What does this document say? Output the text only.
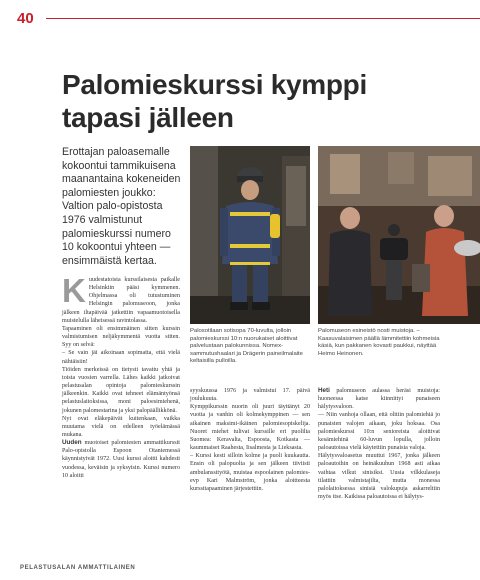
40
Palomieskurssi kymppi tapasi jälleen
Erottajan paloasemalle kokoontui tammikuisena maanantaina kokeneiden palomiesten joukko: Valtion palo-opistosta 1976 valmistunut palomieskurssi numero 10 kokoontui yhteen — ensimmäistä kertaa.

Kuudestatoista kurssilaisesta paikalle Helsinkiin pääsi kymmenen. Ohjelmassa oli tutustuminen Helsingin palomuseoon, jonka jälkeen iltapäivää jatkettiin vapaamuotoisella muistelulla läheisessä ravintolassa.

Tapaaminen oli ensimmäinen sitten kurssin valmistumisen neljäkymmentä vuotta sitten. Syy on selvä:

– Se vain jäi aikoinaan sopimatta, että vielä nähtäisiin!

Tiöiden merkeissä on tietysti tavattu yhtä ja toista vuosien varrella. Lähes kaikki jatkoivat pelastusalan opintoja palomieskurssin jälkeenkin. Kaikki ovat tehneet elämäntyönsä pelastuslaitoksissa, moni paloesimiehenä, jokunen palomestarina ja yksi palopäällikkönä.

Nyt ovat eläkepäivät kuitenkaan, vaikka muutama vielä on edelleen työelämässä mukana.

Uuden muotoiset palomiesten ammattikurssit Palo-opistolla Espoon Otaniemessä käynnistyivät 1972. Uusi kurssi aloitti kahdesti vuodessa, keväisin ja syksyisin. Kurssi numero 10 aloitti

Palosotilaan sotisopa 70-luvulta, jolloin palomieskurssi 10:n nuorukaiset aloittivat palvelustaan palokunnissa. Nomex-sammutushaalari ja Drägerin paineilmalaite keltaisilla pulloilla.
Palomuseon esineistö nosti muistoja. – Kaasuvalaisimen päällä lämmitettiin kohmeisia käsiä, kun pakkanen kovasti paukkui, näyttää Heimo Heinonen.

syyskuussa 1976 ja valmistui 17. päivä joulukuuta.

Kymppikurssin nuorin oli juuri täyttänyt 20 vuotta ja vanhin oli kolmekymppinen — sen aikainen maksimi-ikäinen palomiesopiskelija. Nuoret miehet tulivat kurssille eri puolilta Suomea: Keravalta, Espoosta, Kotkasta — kaummaiset Raahesta, Iisalmesta ja Lieksasta.

– Kurssi kesti silloin kolme ja puoli kuukautta. Ensin oli palopuolta ja sen jälkeen tiiviisti ambulanssityötä, muistaa espoolainen palomies-evp Kari Malmström, jonka aloitteesta kurssitapaaminen järjestettiin.

Heti palomuseon aulassa heräsi muistoja: huoneessa katse kiinnittyi punaiseen hälytysvaloon.

— Niin vanhoja ollaan, että olitiin palomiehiä jo punaisten valojen aikaan, joku hoksaa. Osa palomieskurssi 10:n senioreista aloittivat kesämiehinä 60-luvun lopulla, jolloin paloautoissa vielä käytettiin punaisia valoja.

Hälytysvaloasetus muuttui 1967, jonka jälkeen paloautoihin on heinäkuuhun 1968 asti aikaa vaihtaa vilkut sinisiksi. Uusia vilkkulaseja tilattiin valmistajilta, mutta monessa palolaitoksessa sinisiä valokupuja askarreltiin myös itse. Kaikissa paloautoissa ei hälytys-

PELASTUSALAN AMMATTILAINEN
